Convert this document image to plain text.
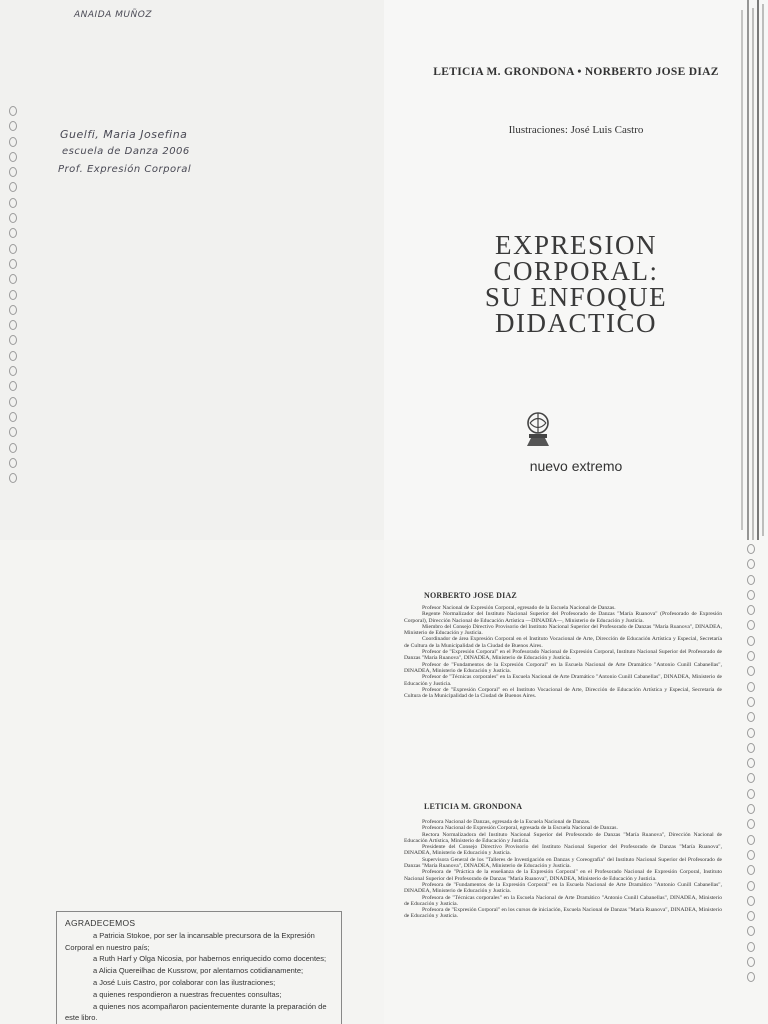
ANAIDA MUÑOZ
Guelfi, Maria Josefina
escuela de Danza 2006
Prof. Expresión Corporal
LETICIA M. GRONDONA • NORBERTO JOSE DIAZ
Ilustraciones: José Luis Castro
EXPRESION
CORPORAL:
SU ENFOQUE
DIDACTICO
nuevo extremo
AGRADECEMOS

a Patricia Stokoe, por ser la incansable precursora de la Expresión Corporal en nuestro país;

a Ruth Harf y Olga Nicosia, por habernos enriquecido como docentes;

a Alicia Quereilhac de Kussrow, por alentarnos cotidianamente;

a José Luis Castro, por colaborar con las ilustraciones;

a quienes respondieron a nuestras frecuentes consultas;

a quienes nos acompañaron pacientemente durante la preparación de este libro.

NORBERTO JOSE DIAZ

Profesor Nacional de Expresión Corporal, egresado de la Escuela Nacional de Danzas.

Regente Normalizador del Instituto Nacional Superior del Profesorado de Danzas "María Ruanova" (Profesorado de Expresión Corporal), Dirección Nacional de Educación Artística —DINADEA—, Ministerio de Educación y Justicia.

Miembro del Consejo Directivo Provisorio del Instituto Nacional Superior del Profesorado de Danzas "María Ruanova", DINADEA, Ministerio de Educación y Justicia.

Coordinador de área Expresión Corporal en el Instituto Vocacional de Arte, Dirección de Educación Artística y Especial, Secretaría de Cultura de la Municipalidad de la Ciudad de Buenos Aires.

Profesor de "Expresión Corporal" en el Profesorado Nacional de Expresión Corporal, Instituto Nacional Superior del Profesorado de Danzas "María Ruanova", DINADEA, Ministerio de Educación y Justicia.

Profesor de "Fundamentos de la Expresión Corporal" en la Escuela Nacional de Arte Dramático "Antonio Cunill Cabanellas", DINADEA, Ministerio de Educación y Justicia.

Profesor de "Técnicas corporales" en la Escuela Nacional de Arte Dramático "Antonio Cunill Cabanellas", DINADEA, Ministerio de Educación y Justicia.

Profesor de "Expresión Corporal" en el Instituto Vocacional de Arte, Dirección de Educación Artística y Especial, Secretaría de Cultura de la Municipalidad de la Ciudad de Buenos Aires.

LETICIA M. GRONDONA

Profesora Nacional de Danzas, egresada de la Escuela Nacional de Danzas.

Profesora Nacional de Expresión Corporal, egresada de la Escuela Nacional de Danzas.

Rectora Normalizadora del Instituto Nacional Superior del Profesorado de Danzas "María Ruanova", Dirección Nacional de Educación Artística, Ministerio de Educación y Justicia.

Presidente del Consejo Directivo Provisorio del Instituto Nacional Superior del Profesorado de Danzas "María Ruanova", DINADEA, Ministerio de Educación y Justicia.

Supervisora General de los "Talleres de Investigación en Danzas y Coreografía" del Instituto Nacional Superior del Profesorado de Danzas "María Ruanova", DINADEA, Ministerio de Educación y Justicia.

Profesora de "Práctica de la enseñanza de la Expresión Corporal" en el Profesorado Nacional de Expresión Corporal, Instituto Nacional Superior del Profesorado de Danzas "María Ruanova", DINADEA, Ministerio de Educación y Justicia.

Profesora de "Fundamentos de la Expresión Corporal" en la Escuela Nacional de Arte Dramático "Antonio Cunill Cabanellas", DINADEA, Ministerio de Educación y Justicia.

Profesora de "Técnicas corporales" en la Escuela Nacional de Arte Dramático "Antonio Cunill Cabanellas", DINADEA, Ministerio de Educación y Justicia.

Profesora de "Expresión Corporal" en los cursos de iniciación, Escuela Nacional de Danzas "María Ruanova", DINADEA, Ministerio de Educación y Justicia.
